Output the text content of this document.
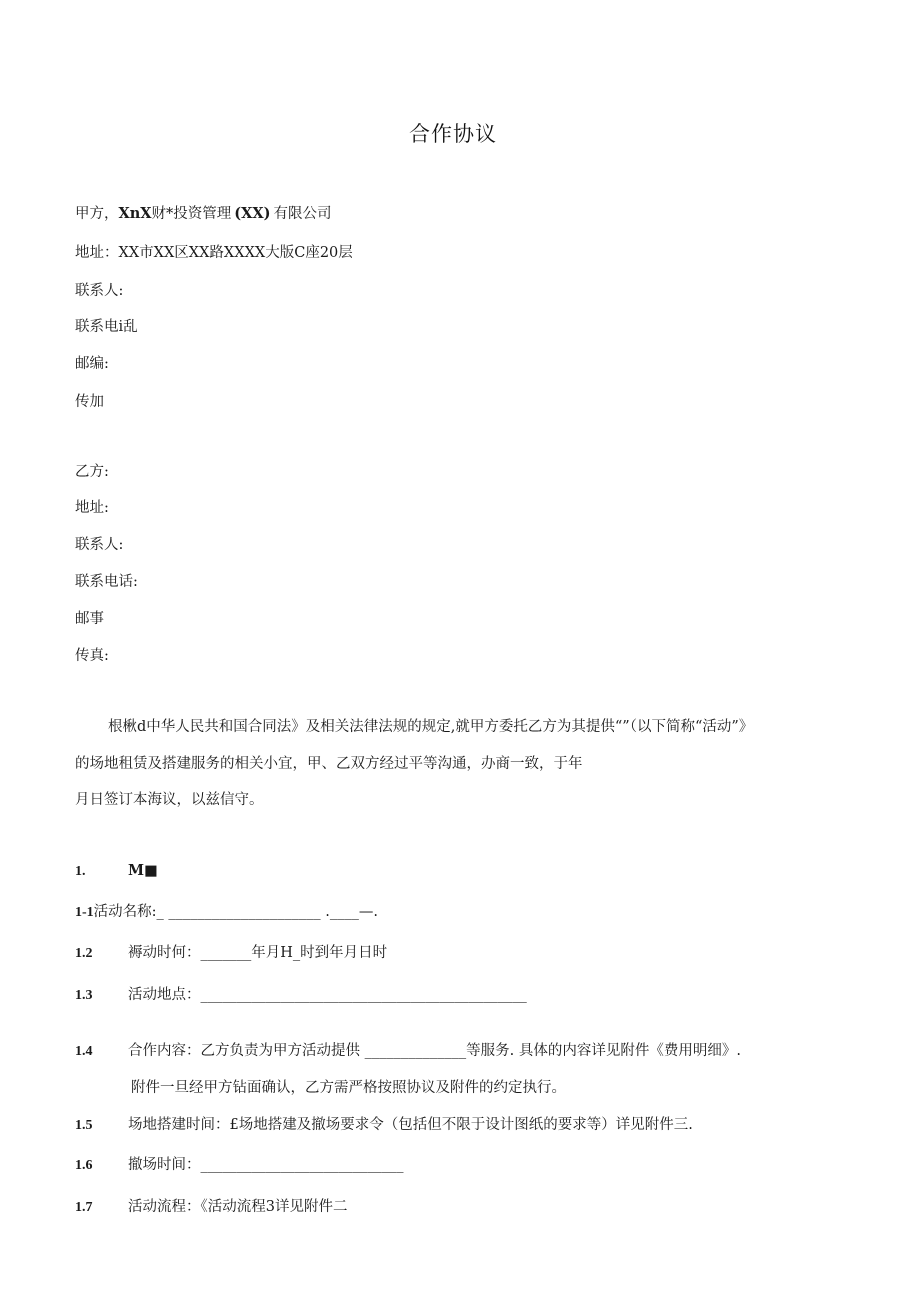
合作协议
甲方，XnX财*投资管理 (XX) 有限公司
地址：XX市XX区XX路XXXX大版C座20层
联系人:
联系电i乱
邮编:
传加
乙方:
地址:
联系人:
联系电话:
邮事
传真:
根楸d中华人民共和国合同法》及相关法律法规的规定,就甲方委托乙方为其提供“”（以下简称“活动”》
的场地租赁及搭建服务的相关小宜，甲、乙双方经过平等沟通，办商一致，于年
月日签订本海议，以兹信守。
1.	M■
1-1活动名称:_ _____________________ .____—.
1.2 褥动时何：_______年月H_时到年月日时
1.3 活动地点：_____________________________________________
1.4 合作内容：乙方负责为甲方活动提供 ______________等服务. 具体的内容详见附件《费用明细》.
附件一旦经甲方钻面确认，乙方需严格按照协议及附件的约定执行。
1.5 场地搭建时间：£场地搭建及撤场要求令（包括但不限于设计图纸的要求等）详见附件三.
1.6 撤场时间：____________________________
1.7 活动流程：《活动流程3详见附件二
